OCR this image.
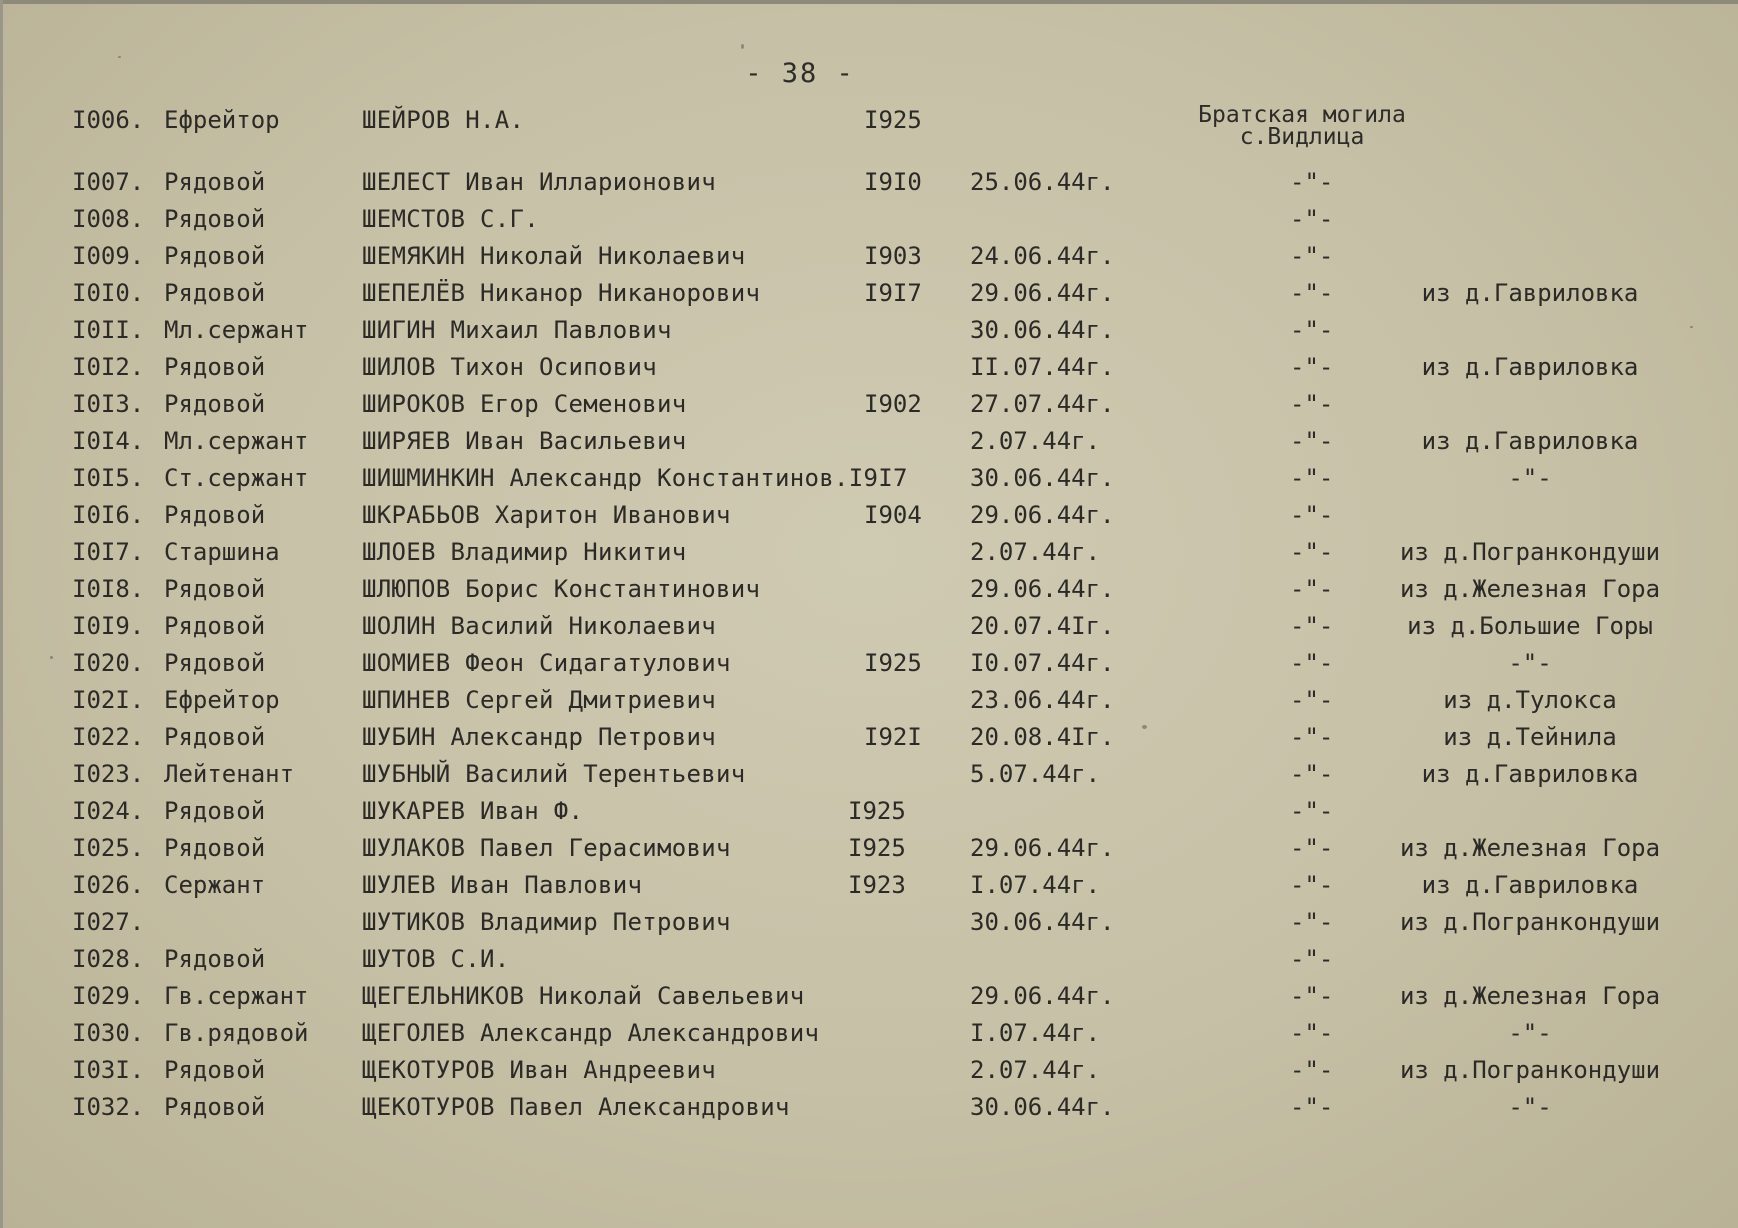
- 38 -
Братская могила
с.Видлица
I006. Ефрейтор	ШЕЙРОВ Н.А.	I925
I007. Рядовой	ШЕЛЕСТ Иван Илларионович	I9I0 25.06.44г.	-"-
I008. Рядовой	ШЕМСТОВ С.Г.	-"-
I009. Рядовой	ШЕМЯКИН Николай Николаевич	I903 24.06.44г.	-"-
I0I0. Рядовой	ШЕПЕЛЁВ Никанор Никанорович	I9I7 29.06.44г.	-"-	из д.Гавриловка
I0II. Мл.сержант ШИГИН Михаил Павлович	30.06.44г.	-"-
I0I2. Рядовой	ШИЛОВ Тихон Осипович	II.07.44г.	-"-	из д.Гавриловка
I0I3. Рядовой	ШИРОКОВ Егор Семенович	I902 27.07.44г.	-"-
I0I4. Мл.сержант ШИРЯЕВ Иван Васильевич	2.07.44г.	-"-	из д.Гавриловка
I0I5. Ст.сержант ШИШМИНКИН Александр Константинов.I9I7	30.06.44г.	-"-	-"-
I0I6. Рядовой	ШКРАБЬОВ Харитон Иванович	I904 29.06.44г.	-"-
I0I7. Старшина	ШЛОЕВ Владимир Никитич	2.07.44г.	-"-	из д.Погранкондуши
I0I8. Рядовой	ШЛЮПОВ Борис Константинович	29.06.44г.	-"-	из д.Железная Гора
I0I9. Рядовой	ШОЛИН Василий Николаевич	20.07.4Iг.	-"-	из д.Большие Горы
I020. Рядовой	ШОМИЕВ Феон Сидагатулович	I925 I0.07.44г.	-"-	-"-
I02I. Ефрейтор	ШПИНЕВ Сергей Дмитриевич	23.06.44г.	-"-	из д.Тулокса
I022. Рядовой	ШУБИН Александр Петрович	I92I 20.08.4Iг.	-"-	из д.Тейнила
I023. Лейтенант	ШУБНЫЙ Василий Терентьевич	5.07.44г.	-"-	из д.Гавриловка
I024. Рядовой	ШУКАРЕВ Иван Ф.	I925	-"-
I025. Рядовой	ШУЛАКОВ Павел Герасимович	I925	29.06.44г.	-"-	из д.Железная Гора
I026. Сержант	ШУЛЕВ Иван Павлович	I923	I.07.44г.	-"-	из д.Гавриловка
I027.	ШУТИКОВ Владимир Петрович	30.06.44г.	-"-	из д.Погранкондуши
I028. Рядовой	ШУТОВ С.И.	-"-
I029. Гв.сержант ЩЕГЕЛЬНИКОВ Николай Савельевич	29.06.44г.	-"-	из д.Железная Гора
I030. Гв.рядовой ЩЕГОЛЕВ Александр Александрович	I.07.44г.	-"-	-"-
I03I. Рядовой	ЩЕКОТУРОВ Иван Андреевич	2.07.44г.	-"-	из д.Погранкондуши
I032. Рядовой	ЩЕКОТУРОВ Павел Александрович	30.06.44г.	-"-	-"-
